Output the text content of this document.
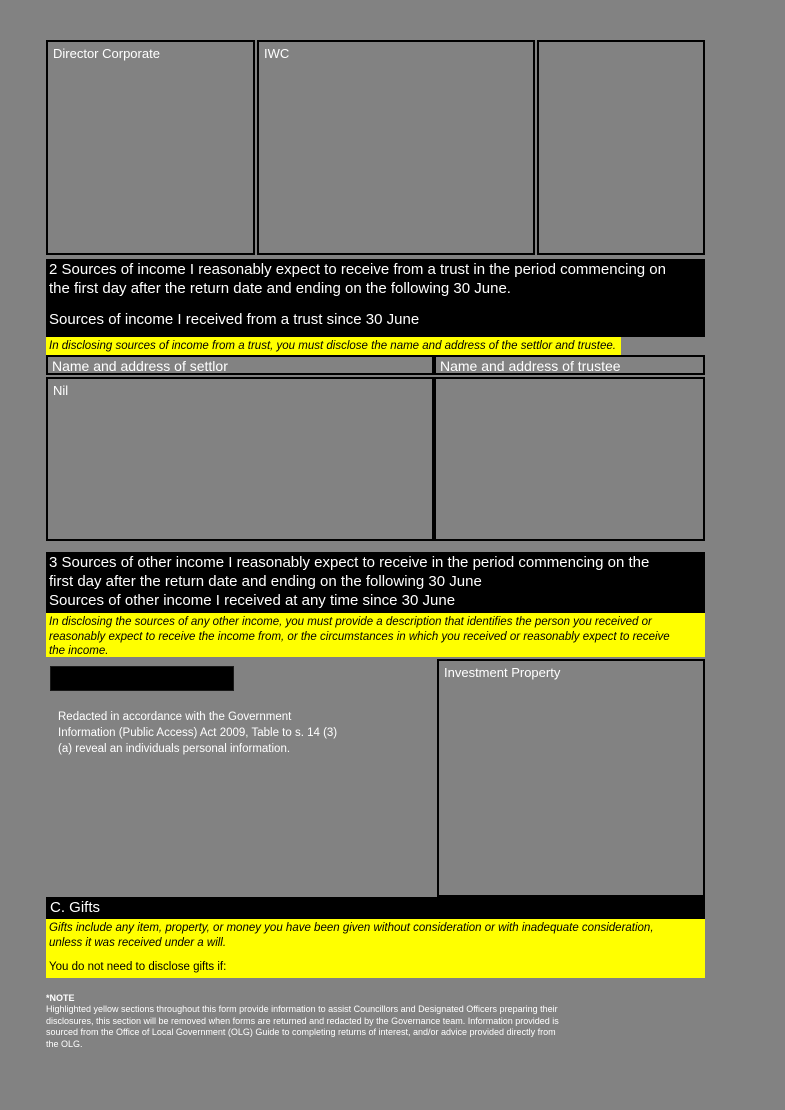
Director Corporate	IWC
2 Sources of income I reasonably expect to receive from a trust in the period commencing on
the first day after the return date and ending on the following 30 June.
Sources of income I received from a trust since 30 June
In disclosing sources of income from a trust, you must disclose the name and address of the settlor and trustee.
Name and address of settlor	Name and address of trustee
Nil
3 Sources of other income I reasonably expect to receive in the period commencing on the
first day after the return date and ending on the following 30 June
Sources of other income I received at any time since 30 June
In disclosing the sources of any other income, you must provide a description that identifies the person you received or
reasonably expect to receive the income from, or the circumstances in which you received or reasonably expect to receive
the income.
Redacted in accordance with the Government
Information (Public Access) Act 2009, Table to s. 14 (3)
(a) reveal an individuals personal information.
Investment Property
C. Gifts
Gifts include any item, property, or money you have been given without consideration or with inadequate consideration,
unless it was received under a will.
You do not need to disclose gifts if:
*NOTE
Highlighted yellow sections throughout this form provide information to assist Councillors and Designated Officers preparing their
disclosures, this section will be removed when forms are returned and redacted by the Governance team. Information provided is
sourced from the Office of Local Government (OLG) Guide to completing returns of interest, and/or advice provided directly from
the OLG.
